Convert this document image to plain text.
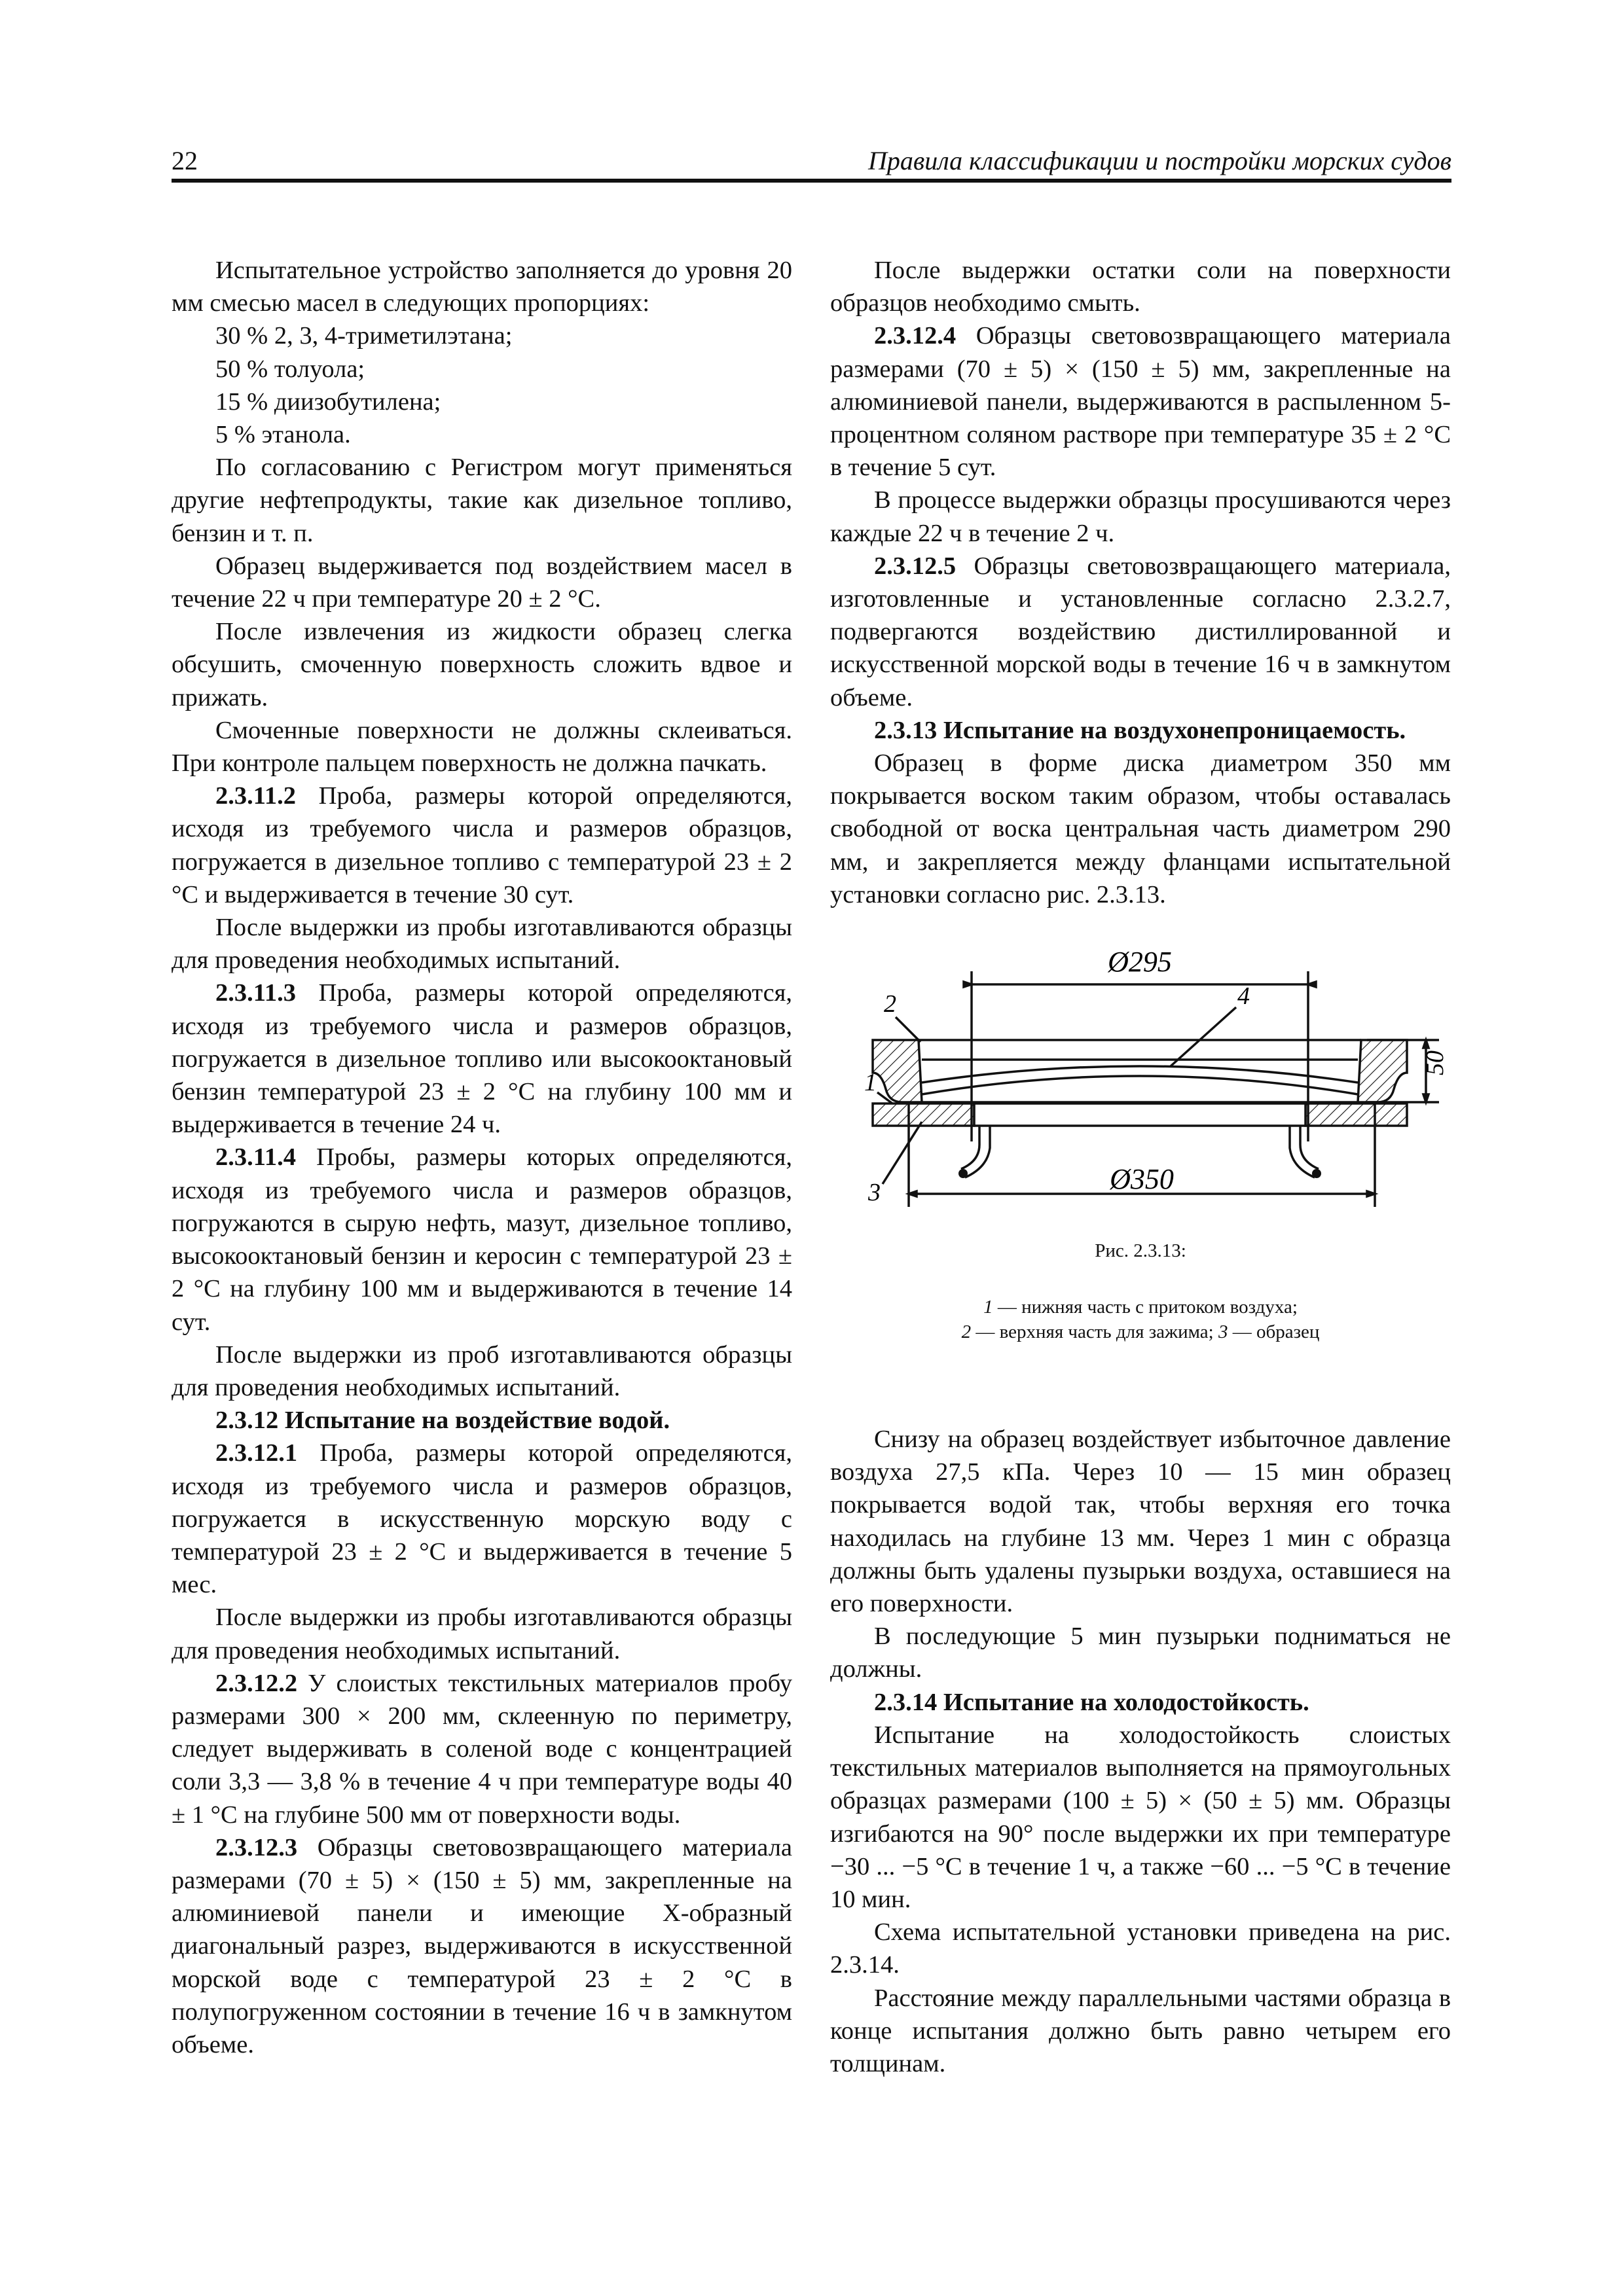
22	Правила классификации и постройки морских судов

Испытательное устройство заполняется до уровня 20 мм смесью масел в следующих пропорциях:

30 % 2, 3, 4-триметилэтана;

50 % толуола;

15 % диизобутилена;

5 % этанола.

По согласованию с Регистром могут применяться другие нефтепродукты, такие как дизельное топливо, бензин и т. п.

Образец выдерживается под воздействием масел в течение 22 ч при температуре 20 ± 2 °С.

После извлечения из жидкости образец слегка обсушить, смоченную поверхность сложить вдвое и прижать.

Смоченные поверхности не должны склеиваться. При контроле пальцем поверхность не должна пачкать.

2.3.11.2 Проба, размеры которой определяются, исходя из требуемого числа и размеров образцов, погружается в дизельное топливо с температурой 23 ± 2 °С и выдерживается в течение 30 сут.

После выдержки из пробы изготавливаются образцы для проведения необходимых испытаний.

2.3.11.3 Проба, размеры которой определяются, исходя из требуемого числа и размеров образцов, погружается в дизельное топливо или высокооктановый бензин температурой 23 ± 2 °С на глубину 100 мм и выдерживается в течение 24 ч.

2.3.11.4 Пробы, размеры которых определяются, исходя из требуемого числа и размеров образцов, погружаются в сырую нефть, мазут, дизельное топливо, высокооктановый бензин и керосин с температурой 23 ± 2 °С на глубину 100 мм и выдерживаются в течение 14 сут.

После выдержки из проб изготавливаются образцы для проведения необходимых испытаний.

2.3.12 Испытание на воздействие водой.

2.3.12.1 Проба, размеры которой определяются, исходя из требуемого числа и размеров образцов, погружается в искусственную морскую воду с температурой 23 ± 2 °С и выдерживается в течение 5 мес.

После выдержки из пробы изготавливаются образцы для проведения необходимых испытаний.

2.3.12.2 У слоистых текстильных материалов пробу размерами 300 × 200 мм, склеенную по периметру, следует выдерживать в соленой воде с концентрацией соли 3,3 — 3,8 % в течение 4 ч при температуре воды 40 ± 1 °С на глубине 500 мм от поверхности воды.

2.3.12.3 Образцы световозвращающего материала размерами (70 ± 5) × (150 ± 5) мм, закрепленные на алюминиевой панели и имеющие Х-образный диагональный разрез, выдерживаются в искусственной морской воде с температурой 23 ± 2 °С в полупогруженном состоянии в течение 16 ч в замкнутом объеме.

После выдержки остатки соли на поверхности образцов необходимо смыть.

2.3.12.4 Образцы световозвращающего материала размерами (70 ± 5) × (150 ± 5) мм, закрепленные на алюминиевой панели, выдерживаются в распыленном 5-процентном соляном растворе при температуре 35 ± 2 °С в течение 5 сут.

В процессе выдержки образцы просушиваются через каждые 22 ч в течение 2 ч.

2.3.12.5 Образцы световозвращающего материала, изготовленные и установленные согласно 2.3.2.7, подвергаются воздействию дистиллированной и искусственной морской воды в течение 16 ч в замкнутом объеме.

2.3.13 Испытание на воздухонепроницаемость.

Образец в форме диска диаметром 350 мм покрывается воском таким образом, чтобы оставалась свободной от воска центральная часть диаметром 290 мм, и закрепляется между фланцами испытательной установки согласно рис. 2.3.13.

Ø295
Ø350
50
2
1
3
4
Рис. 2.3.13:
1 — нижняя часть с притоком воздуха;
2 — верхняя часть для зажима; 3 — образец

Снизу на образец воздействует избыточное давление воздуха 27,5 кПа. Через 10 — 15 мин образец покрывается водой так, чтобы верхняя его точка находилась на глубине 13 мм. Через 1 мин с образца должны быть удалены пузырьки воздуха, оставшиеся на его поверхности.

В последующие 5 мин пузырьки подниматься не должны.

2.3.14 Испытание на холодостойкость.

Испытание на холодостойкость слоистых текстильных материалов выполняется на прямоугольных образцах размерами (100 ± 5) × (50 ± 5) мм. Образцы изгибаются на 90° после выдержки их при температуре −30 ... −5 °С в течение 1 ч, а также −60 ... −5 °С в течение 10 мин.

Схема испытательной установки приведена на рис. 2.3.14.

Расстояние между параллельными частями образца в конце испытания должно быть равно четырем его толщинам.
